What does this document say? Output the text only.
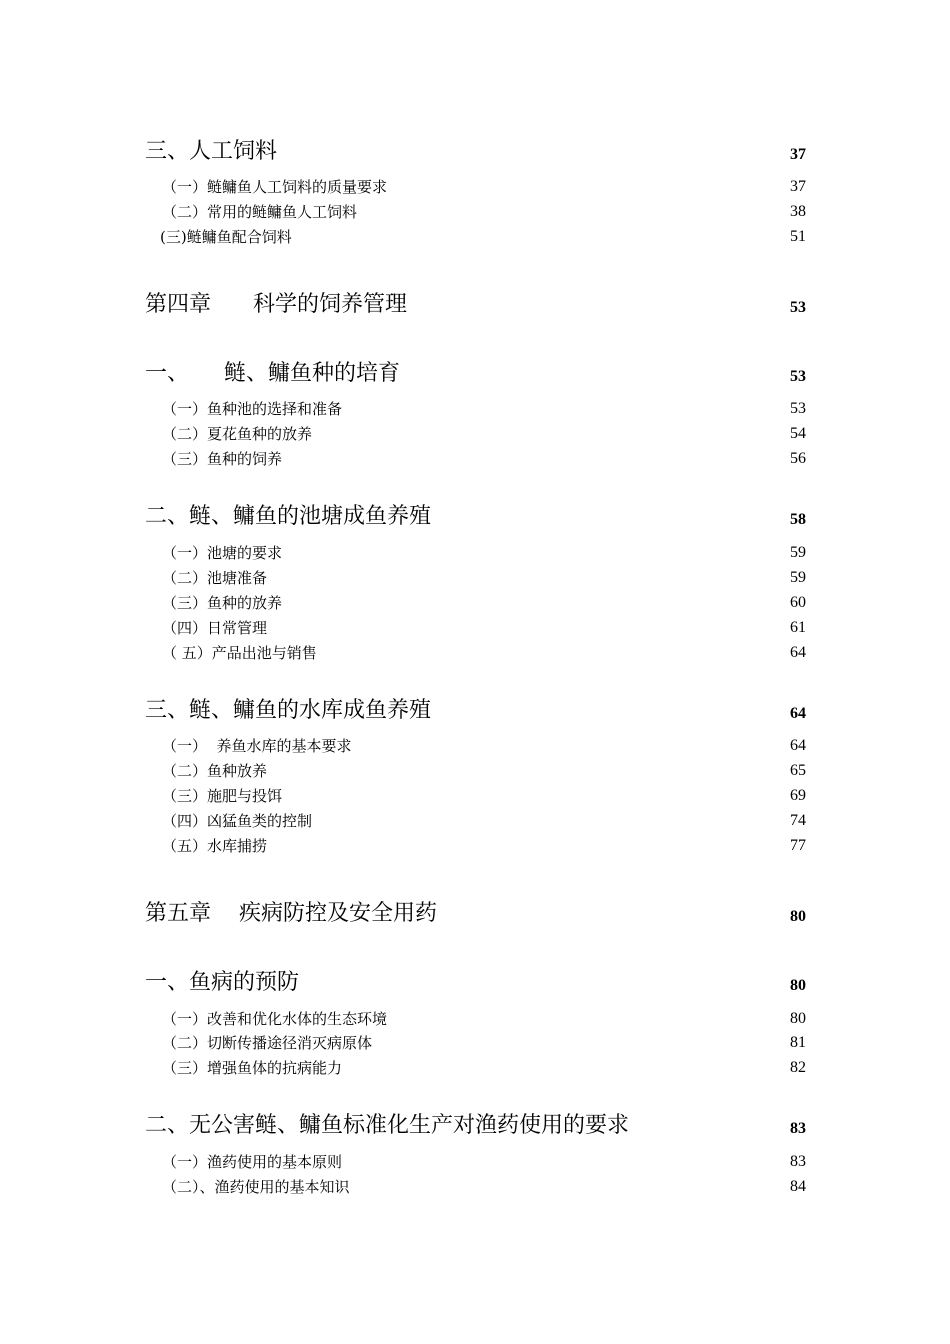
三、人工饲料	37
（一）鲢鳙鱼人工饲料的质量要求	37
（二）常用的鲢鳙鱼人工饲料	38
(三)鲢鳙鱼配合饲料	51
第四章      科学的饲养管理	53
一、     鲢、鳙鱼种的培育	53
（一）鱼种池的选择和准备	53
（二）夏花鱼种的放养	54
（三）鱼种的饲养	56
二、鲢、鳙鱼的池塘成鱼养殖	58
（一）池塘的要求	59
（二）池塘准备	59
（三）鱼种的放养	60
（四）日常管理	61
（ 五）产品出池与销售	64
三、鲢、鳙鱼的水库成鱼养殖	64
（一）  养鱼水库的基本要求	64
（二）鱼种放养	65
（三）施肥与投饵	69
（四）凶猛鱼类的控制	74
（五）水库捕捞	77
第五章    疾病防控及安全用药	80
一、鱼病的预防	80
（一）改善和优化水体的生态环境	80
（二）切断传播途径消灭病原体	81
（三）增强鱼体的抗病能力	82
二、无公害鲢、鳙鱼标准化生产对渔药使用的要求	83
（一）渔药使用的基本原则	83
（二）、渔药使用的基本知识	84
